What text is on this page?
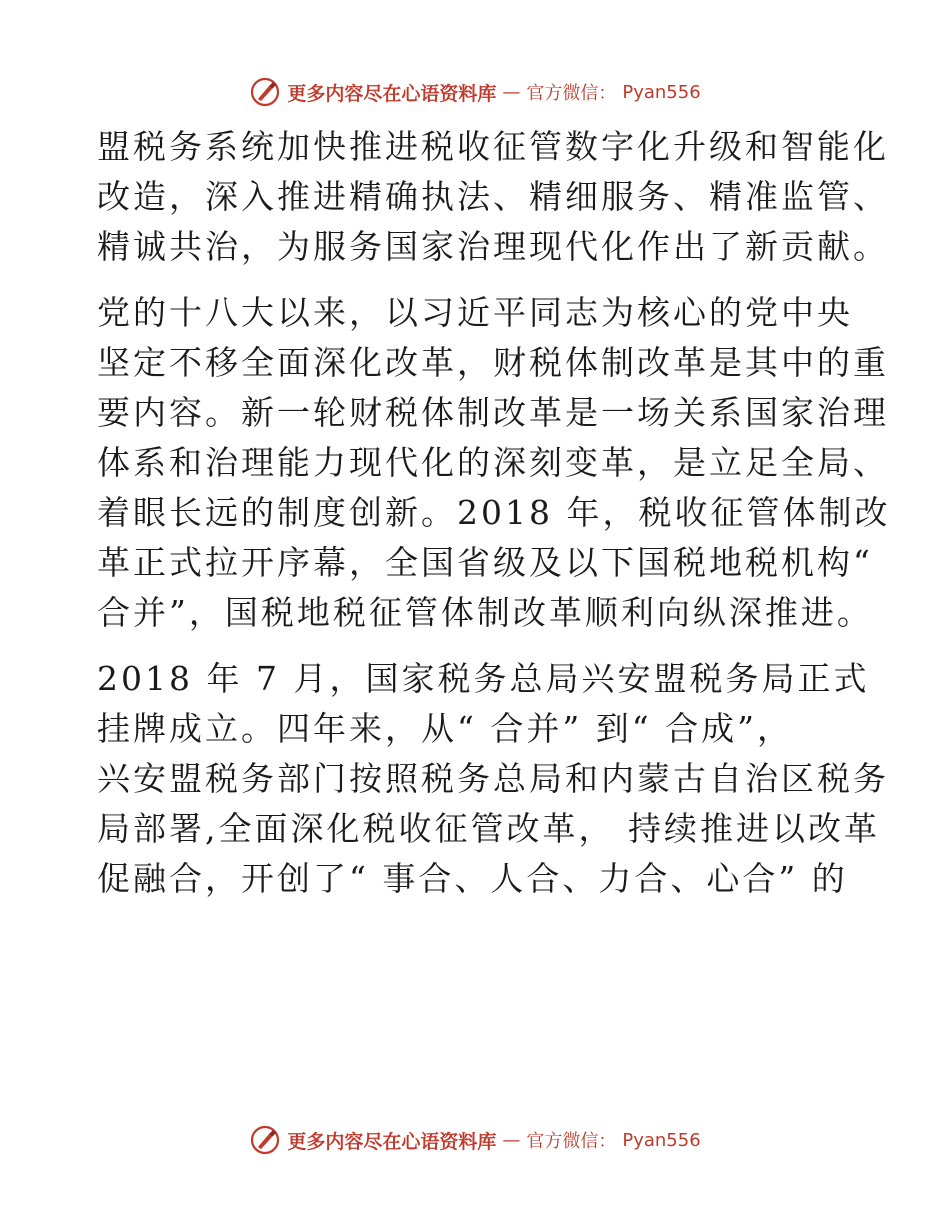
更多内容尽在心语资料库 — 官方微信： Pyan556
盟税务系统加快推进税收征管数字化升级和智能化
改造，深入推进精确执法、精细服务、精准监管、
精诚共治，为服务国家治理现代化作出了新贡献。
党的十八大以来，以习近平同志为核心的党中央
坚定不移全面深化改革，财税体制改革是其中的重
要内容。新一轮财税体制改革是一场关系国家治理
体系和治理能力现代化的深刻变革，是立足全局、
着眼长远的制度创新。2018 年，税收征管体制改
革正式拉开序幕，全国省级及以下国税地税机构“
合并”，国税地税征管体制改革顺利向纵深推进。
2018 年 7 月，国家税务总局兴安盟税务局正式
挂牌成立。四年来，从“ 合并” 到“ 合成”，
兴安盟税务部门按照税务总局和内蒙古自治区税务
局部署,全面深化税收征管改革， 持续推进以改革
促融合，开创了“ 事合、人合、力合、心合” 的
更多内容尽在心语资料库 — 官方微信： Pyan556
